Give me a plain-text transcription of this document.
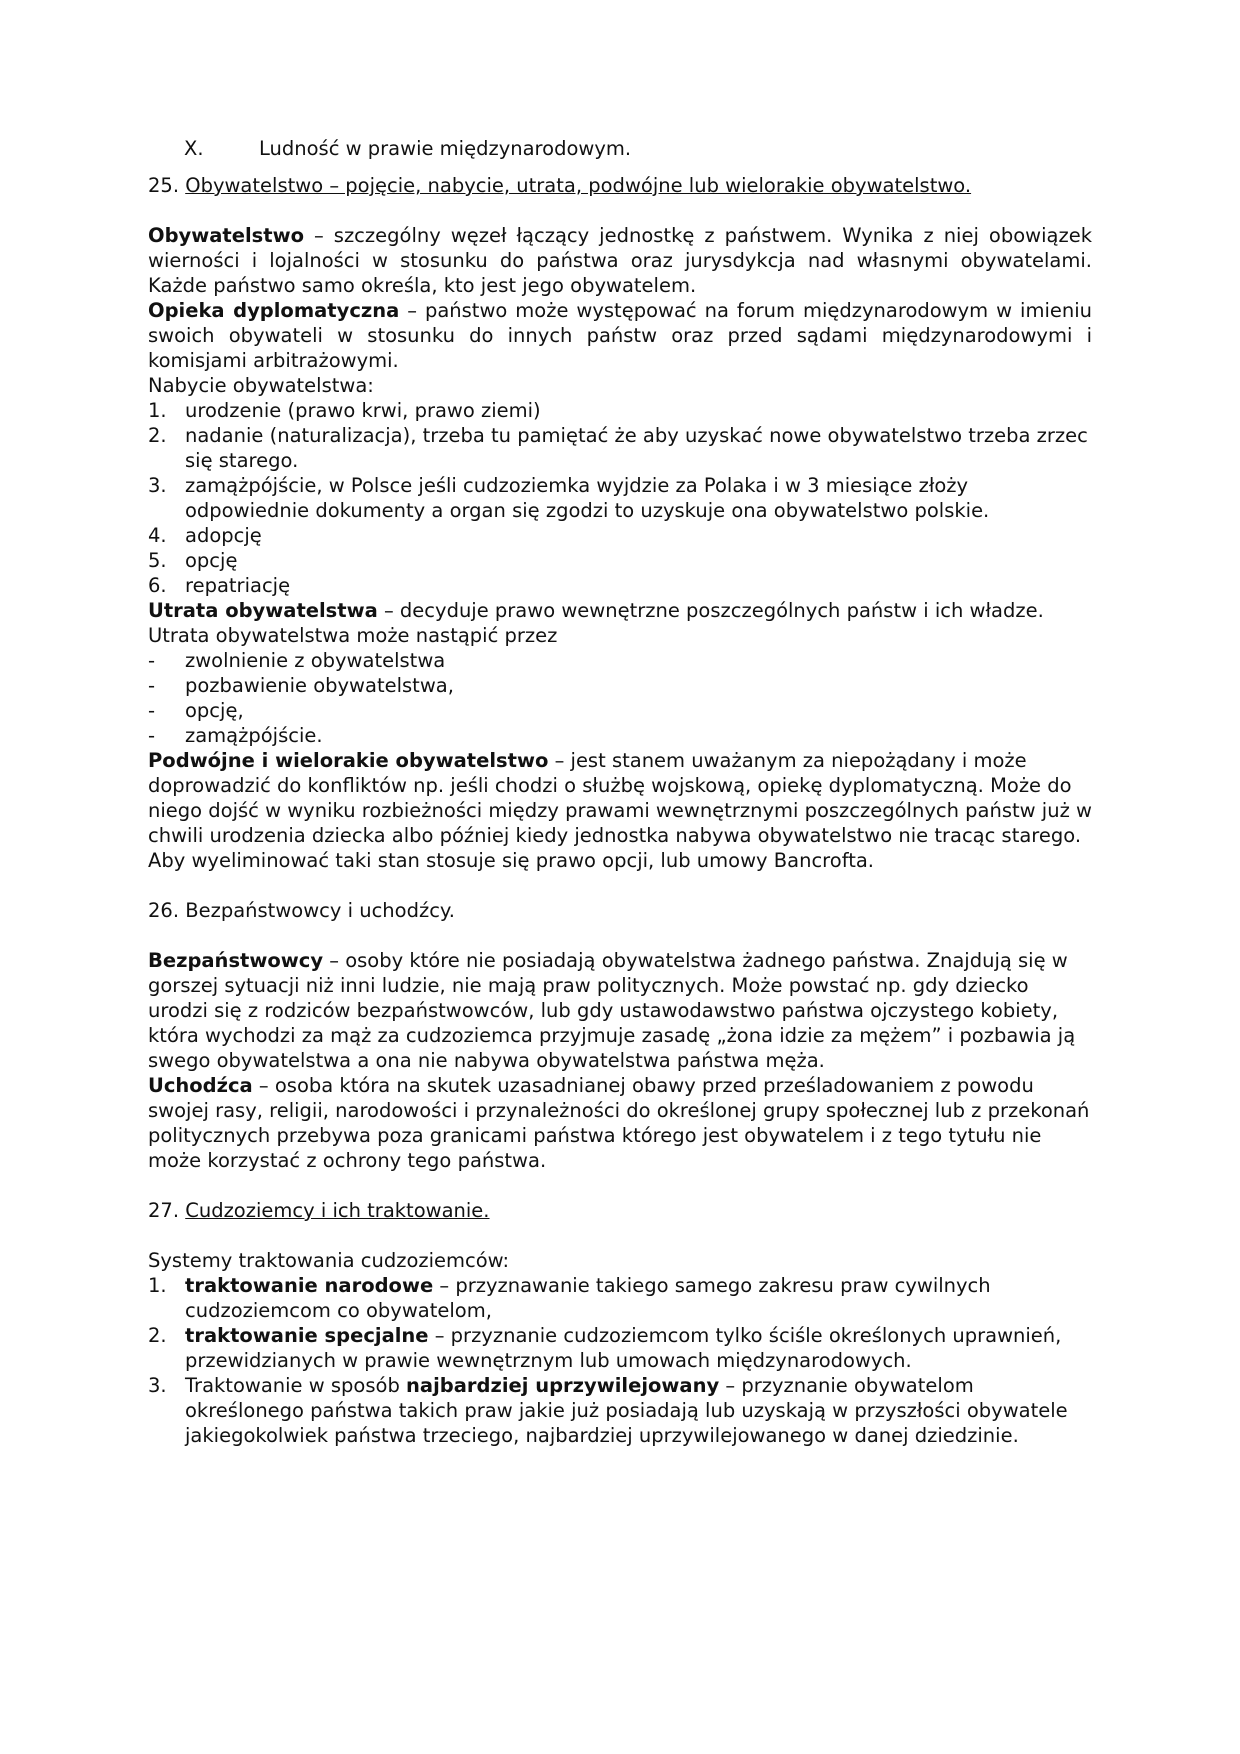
X.	Ludność w prawie międzynarodowym.

25. Obywatelstwo – pojęcie, nabycie, utrata, podwójne lub wielorakie obywatelstwo.

Obywatelstwo – szczególny węzeł łączący jednostkę z państwem. Wynika z niej obowiązek wierności i lojalności w stosunku do państwa oraz jurysdykcja nad własnymi obywatelami. Każde państwo samo określa, kto jest jego obywatelem.

Opieka dyplomatyczna – państwo może występować na forum międzynarodowym w imieniu swoich obywateli w stosunku do innych państw oraz przed sądami międzynarodowymi i komisjami arbitrażowymi.

Nabycie obywatelstwa:

1. urodzenie (prawo krwi, prawo ziemi)
2. nadanie (naturalizacja), trzeba tu pamiętać że aby uzyskać nowe obywatelstwo trzeba zrzec się starego.
3. zamążpójście, w Polsce jeśli cudzoziemka wyjdzie za Polaka i w 3 miesiące złoży odpowiednie dokumenty a organ się zgodzi to uzyskuje ona obywatelstwo polskie.
4. adopcję
5. opcję
6. repatriację

Utrata obywatelstwa – decyduje prawo wewnętrzne poszczególnych państw i ich władze. Utrata obywatelstwa może nastąpić przez

-	zwolnienie z obywatelstwa
-	pozbawienie obywatelstwa,
-	opcję,
-	zamążpójście.

Podwójne i wielorakie obywatelstwo – jest stanem uważanym za niepożądany i może doprowadzić do konfliktów np. jeśli chodzi o służbę wojskową, opiekę dyplomatyczną. Może do niego dojść w wyniku rozbieżności między prawami wewnętrznymi poszczególnych państw już w chwili urodzenia dziecka albo później kiedy jednostka nabywa obywatelstwo nie tracąc starego. Aby wyeliminować taki stan stosuje się prawo opcji, lub umowy Bancrofta.

26. Bezpaństwowcy i uchodźcy.

Bezpaństwowcy – osoby które nie posiadają obywatelstwa żadnego państwa. Znajdują się w gorszej sytuacji niż inni ludzie, nie mają praw politycznych. Może powstać np. gdy dziecko urodzi się z rodziców bezpaństwowców, lub gdy ustawodawstwo państwa ojczystego kobiety, która wychodzi za mąż za cudzoziemca przyjmuje zasadę „żona idzie za mężem” i pozbawia ją swego obywatelstwa a ona nie nabywa obywatelstwa państwa męża.

Uchodźca – osoba która na skutek uzasadnianej obawy przed prześladowaniem z powodu swojej rasy, religii, narodowości i przynależności do określonej grupy społecznej lub z przekonań politycznych przebywa poza granicami państwa którego jest obywatelem i z tego tytułu nie może korzystać z ochrony tego państwa.

27. Cudzoziemcy i ich traktowanie.

Systemy traktowania cudzoziemców:

1. traktowanie narodowe – przyznawanie takiego samego zakresu praw cywilnych cudzoziemcom co obywatelom,
2. traktowanie specjalne – przyznanie cudzoziemcom tylko ściśle określonych uprawnień, przewidzianych w prawie wewnętrznym lub umowach międzynarodowych.
3. Traktowanie w sposób najbardziej uprzywilejowany – przyznanie obywatelom określonego państwa takich praw jakie już posiadają lub uzyskają w przyszłości obywatele jakiegokolwiek państwa trzeciego, najbardziej uprzywilejowanego w danej dziedzinie.
